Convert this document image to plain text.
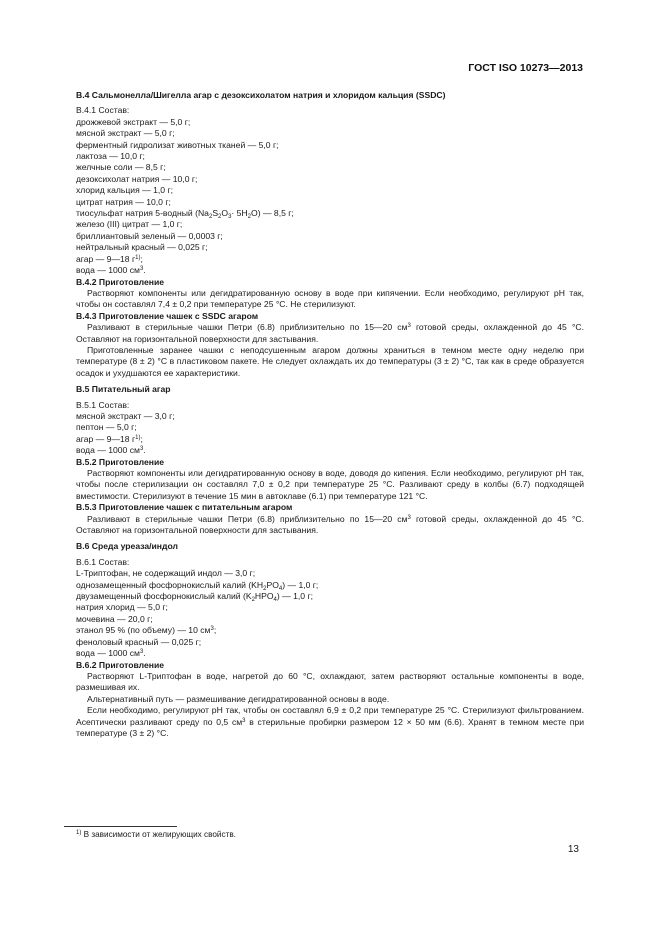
ГОСТ ISO 10273—2013

В.4 Сальмонелла/Шигелла агар с дезоксихолатом натрия и хлоридом кальция (SSDC)

В.4.1 Состав:

дрожжевой экстракт — 5,0 г;

мясной экстракт — 5,0 г;

ферментный гидролизат животных тканей — 5,0 г;

лактоза — 10,0 г;

желчные соли — 8,5 г;

дезоксихолат натрия — 10,0 г;

хлорид кальция — 1,0 г;

цитрат натрия — 10,0 г;

тиосульфат натрия 5-водный $(Na_2S_2O_3\cdot 5H_2O)$ — 8,5 г;

железо (III) цитрат — 1,0 г;

бриллиантовый зеленый — 0,0003 г;

нейтральный красный — 0,025 г;

агар — 9—18 $г^{1)}$;

вода — 1000 $см^3$.

В.4.2 Приготовление

Растворяют компоненты или дегидратированную основу в воде при кипячении. Если необходимо, регулируют pH так, чтобы он составлял 7,4 ± 0,2 при температуре 25 °C. Не стерилизуют.

В.4.3 Приготовление чашек с SSDC агаром

Разливают в стерильные чашки Петри (6.8) приблизительно по 15—20 $см^3$ готовой среды, охлажденной до 45 °C. Оставляют на горизонтальной поверхности для застывания.

Приготовленные заранее чашки с неподсушенным агаром должны храниться в темном месте одну неделю при температуре (8 ± 2) °C в пластиковом пакете. Не следует охлаждать их до температуры (3 ± 2) °C, так как в среде образуется осадок и ухудшаются ее характеристики.

В.5 Питательный агар

В.5.1 Состав:

мясной экстракт — 3,0 г;

пептон — 5,0 г;

агар — 9—18 $г^{1)}$;

вода — 1000 $см^3$.

В.5.2 Приготовление

Растворяют компоненты или дегидратированную основу в воде, доводя до кипения. Если необходимо, регулируют pH так, чтобы после стерилизации он составлял 7,0 ± 0,2 при температуре 25 °C. Разливают среду в колбы (6.7) подходящей вместимости. Стерилизуют в течение 15 мин в автоклаве (6.1) при температуре 121 °C.

В.5.3 Приготовление чашек с питательным агаром

Разливают в стерильные чашки Петри (6.8) приблизительно по 15—20 $см^3$ готовой среды, охлажденной до 45 °C. Оставляют на горизонтальной поверхности для застывания.

В.6 Среда уреаза/индол

В.6.1 Состав:

L-Триптофан, не содержащий индол — 3,0 г;

однозамещенный фосфорнокислый калий $(KH_2PO_4)$ — 1,0 г;

двузамещенный фосфорнокислый калий $(K_2HPO_4)$ — 1,0 г;

натрия хлорид — 5,0 г;

мочевина — 20,0 г;

этанол 95 % (по объему) — 10 $см^3$;

феноловый красный — 0,025 г;

вода — 1000 $см^3$.

В.6.2 Приготовление

Растворяют L-Триптофан в воде, нагретой до 60 °C, охлаждают, затем растворяют остальные компоненты в воде, размешивая их.

Альтернативный путь — размешивание дегидратированной основы в воде.

Если необходимо, регулируют pH так, чтобы он составлял 6,9 ± 0,2 при температуре 25 °C. Стерилизуют фильтрованием. Асептически разливают среду по 0,5 $см^3$ в стерильные пробирки размером 12 × 50 мм (6.6). Хранят в темном месте при температуре (3 ± 2) °C.

$^{1)}$ В зависимости от желирующих свойств.
13
